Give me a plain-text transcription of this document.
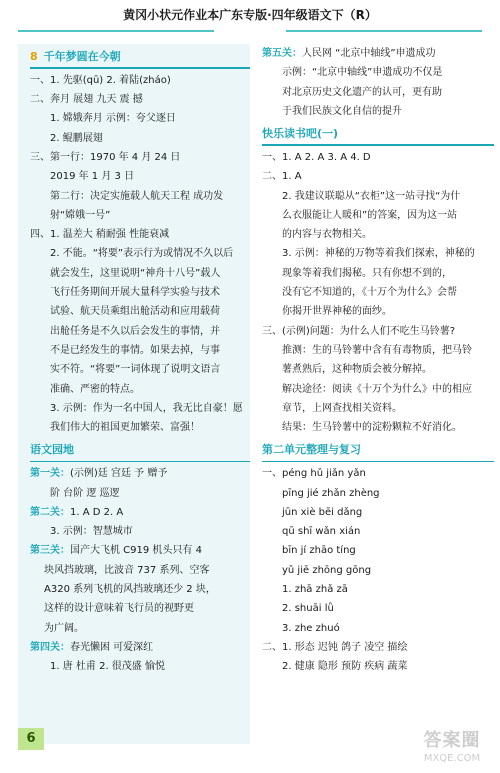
黄冈小状元作业本广东专版·四年级语文下（R）
8 千年梦圆在今朝
一、1. 先驱(qū) 2. 着陆(zháo)
二、奔月 展翅 九天 震 撼
1. 嫦娥奔月 示例：夸父逐日
2. 鲲鹏展翅
三、第一行：1970 年 4 月 24 日
2019 年 1 月 3 日
第二行：决定实施载人航天工程 成功发
射“嫦娥一号”
四、1. 温差大 稍耐强 性能衰减
2. 不能。“将要”表示行为或情况不久以后
就会发生，这里说明“神舟十八号”载人
飞行任务期间开展大量科学实验与技术
试验、航天员乘组出舱活动和应用载荷
出舱任务是不久以后会发生的事情，并
不是已经发生的事情。如果去掉，与事
实不符。“将要”一词体现了说明文语言
准确、严密的特点。
3. 示例：作为一名中国人，我无比自豪！愿
我们伟大的祖国更加繁荣、富强！
语文园地
第一关：(示例)廷 宫廷 予 赠予
阶 台阶 逻 巡逻
第二关：1. A D 2. A
3. 示例：智慧城市
第三关：国产大飞机 C919 机头只有 4
块风挡玻璃，比波音 737 系列、空客
A320 系列飞机的风挡玻璃还少 2 块，
这样的设计意味着飞行员的视野更
为广阔。
第四关：春光懒困 可爱深红
1. 唐 杜甫 2. 很茂盛 愉悦
第五关：人民网 “北京中轴线”申遗成功
示例：“北京中轴线”申遗成功不仅是
对北京历史文化遗产的认可，更有助
于我们民族文化自信的提升
快乐读书吧(一)
一、1. A 2. A 3. A 4. D
二、1. A
2. 我建议联聪从“衣柜”这一站寻找“为什
么衣服能让人暖和”的答案，因为这一站
的内容与衣物相关。
3. 示例：神秘的万物等着我们探索，神秘的
现象等着我们揭秘。只有你想不到的，
没有它不知道的，《十万个为什么》会帮
你揭开世界神秘的面纱。
三、(示例)问题：为什么人们不吃生马铃薯?
推测：生的马铃薯中含有有毒物质，把马铃
薯煮熟后，这种物质会被分解掉。
解决途径：阅读《十万个为什么》中的相应
章节，上网查找相关资料。
结果：生马铃薯中的淀粉颗粒不好消化。
第二单元整理与复习
一、péng hǔ jiǎn yǎn
pīng jié zhǎn zhèng
jūn xiè bēi dǎng
qū shī wǎn xián
bīn jí zhāo tíng
yǔ jiē zhōng gōng
1. zhā zhǎ zā
2. shuāi lǜ
3. zhe zhuó
二、1. 形态 迟钝 鸽子 凌空 描绘
2. 健康 隐形 预防 疾病 蔬菜
6	答案圈
MXQE.COM
